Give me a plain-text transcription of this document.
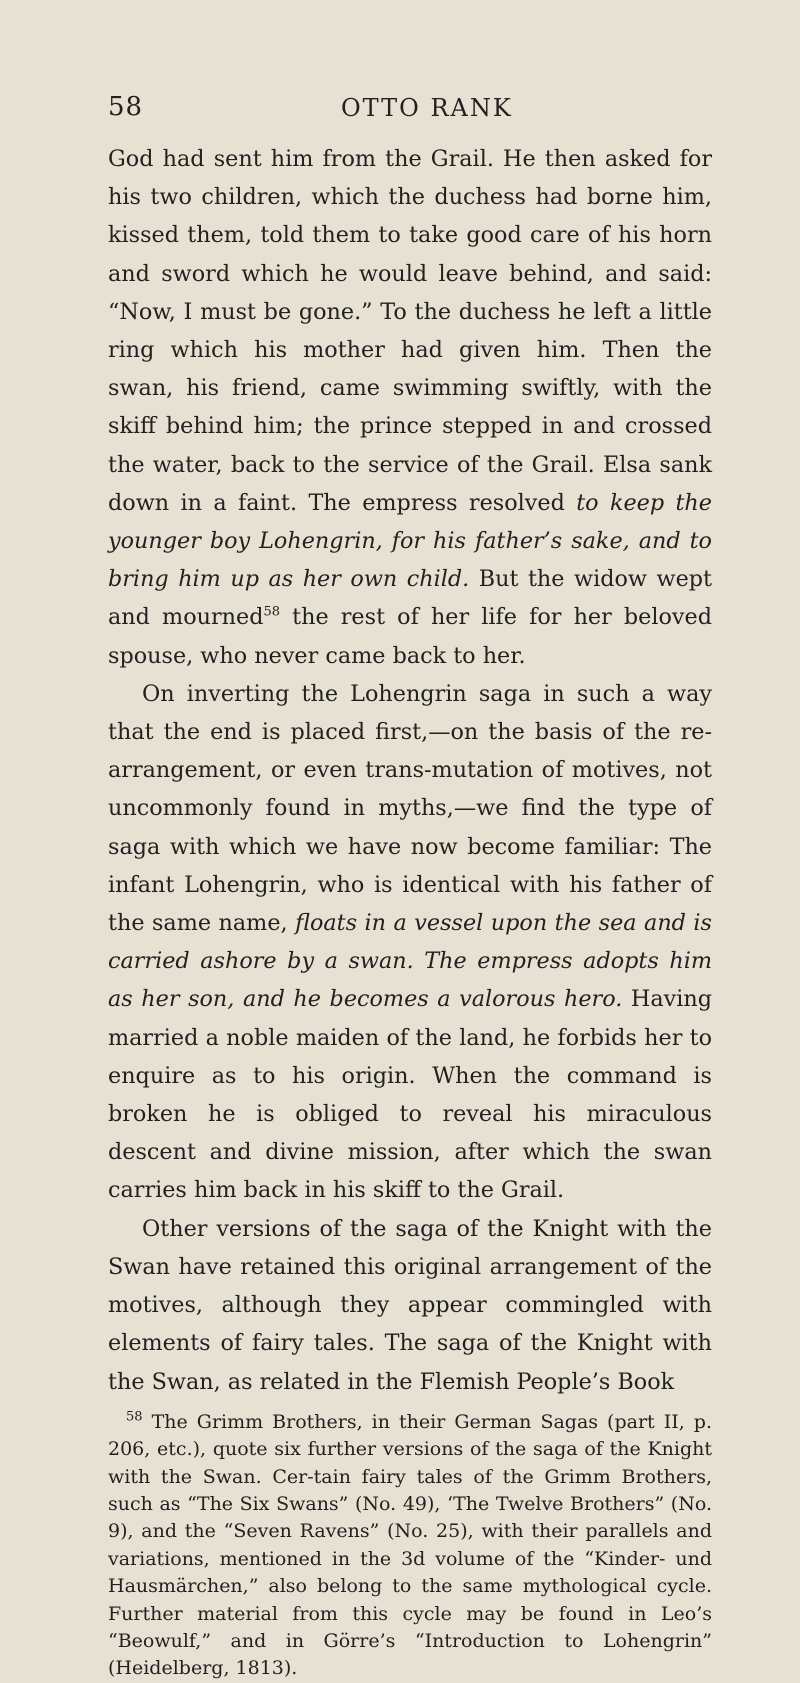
58	OTTO RANK

God had sent him from the Grail. He then asked for his two children, which the duchess had borne him, kissed them, told them to take good care of his horn and sword which he would leave behind, and said: “Now, I must be gone.” To the duchess he left a little ring which his mother had given him. Then the swan, his friend, came swimming swiftly, with the skiff behind him; the prince stepped in and crossed the water, back to the service of the Grail. Elsa sank down in a faint. The empress resolved to keep the younger boy Lohengrin, for his father’s sake, and to bring him up as her own child. But the widow wept and mourned$^{58}$ the rest of her life for her beloved spouse, who never came back to her.

On inverting the Lohengrin saga in such a way that the end is placed first,—on the basis of the re-arrangement, or even trans-mutation of motives, not uncommonly found in myths,—we find the type of saga with which we have now become familiar: The infant Lohengrin, who is identical with his father of the same name, floats in a vessel upon the sea and is carried ashore by a swan. The empress adopts him as her son, and he becomes a valorous hero. Having married a noble maiden of the land, he forbids her to enquire as to his origin. When the command is broken he is obliged to reveal his miraculous descent and divine mission, after which the swan carries him back in his skiff to the Grail.

Other versions of the saga of the Knight with the Swan have retained this original arrangement of the motives, although they appear commingled with elements of fairy tales. The saga of the Knight with the Swan, as related in the Flemish People’s Book

$^{58}$ The Grimm Brothers, in their German Sagas (part II, p. 206, etc.), quote six further versions of the saga of the Knight with the Swan. Cer-tain fairy tales of the Grimm Brothers, such as “The Six Swans” (No. 49), ‘The Twelve Brothers” (No. 9), and the “Seven Ravens” (No. 25), with their parallels and variations, mentioned in the 3d volume of the “Kinder- und Hausmärchen,” also belong to the same mythological cycle. Further material from this cycle may be found in Leo’s “Beowulf,” and in Görre’s “Introduction to Lohengrin” (Heidelberg, 1813).
